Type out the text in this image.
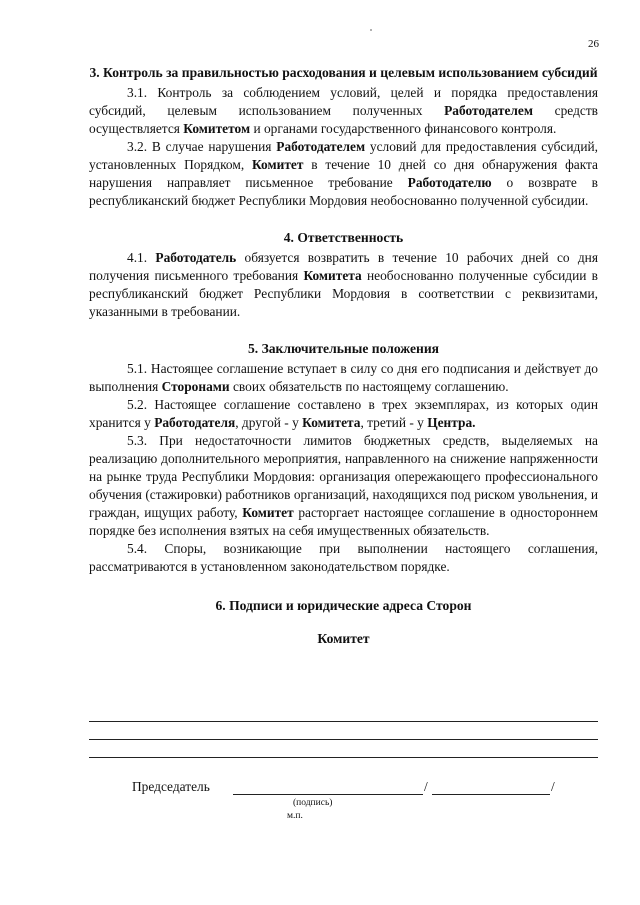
26
3. Контроль за правильностью расходования и целевым использованием субсидий

3.1. Контроль за соблюдением условий, целей и порядка предоставления субсидий, целевым использованием полученных Работодателем средств осуществляется Комитетом и органами государственного финансового контроля.

3.2. В случае нарушения Работодателем условий для предоставления субсидий, установленных Порядком, Комитет в течение 10 дней со дня обнаружения факта нарушения направляет письменное требование Работодателю о возврате в республиканский бюджет Республики Мордовия необоснованно полученной субсидии.

4. Ответственность

4.1. Работодатель обязуется возвратить в течение 10 рабочих дней со дня получения письменного требования Комитета необоснованно полученные субсидии в республиканский бюджет Республики Мордовия в соответствии с реквизитами, указанными в требовании.

5. Заключительные положения

5.1. Настоящее соглашение вступает в силу со дня его подписания и действует до выполнения Сторонами своих обязательств по настоящему соглашению.

5.2. Настоящее соглашение составлено в трех экземплярах, из которых один хранится у Работодателя, другой - у Комитета, третий - у Центра.

5.3. При недостаточности лимитов бюджетных средств, выделяемых на реализацию дополнительного мероприятия, направленного на снижение напряженности на рынке труда Республики Мордовия: организация опережающего профессионального обучения (стажировки) работников организаций, находящихся под риском увольнения, и граждан, ищущих работу, Комитет расторгает настоящее соглашение в одностороннем порядке без исполнения взятых на себя имущественных обязательств.

5.4. Споры, возникающие при выполнении настоящего соглашения, рассматриваются в установленном законодательством порядке.

6. Подписи и юридические адреса Сторон
Комитет
Председатель	/	/
(подпись)
м.п.
